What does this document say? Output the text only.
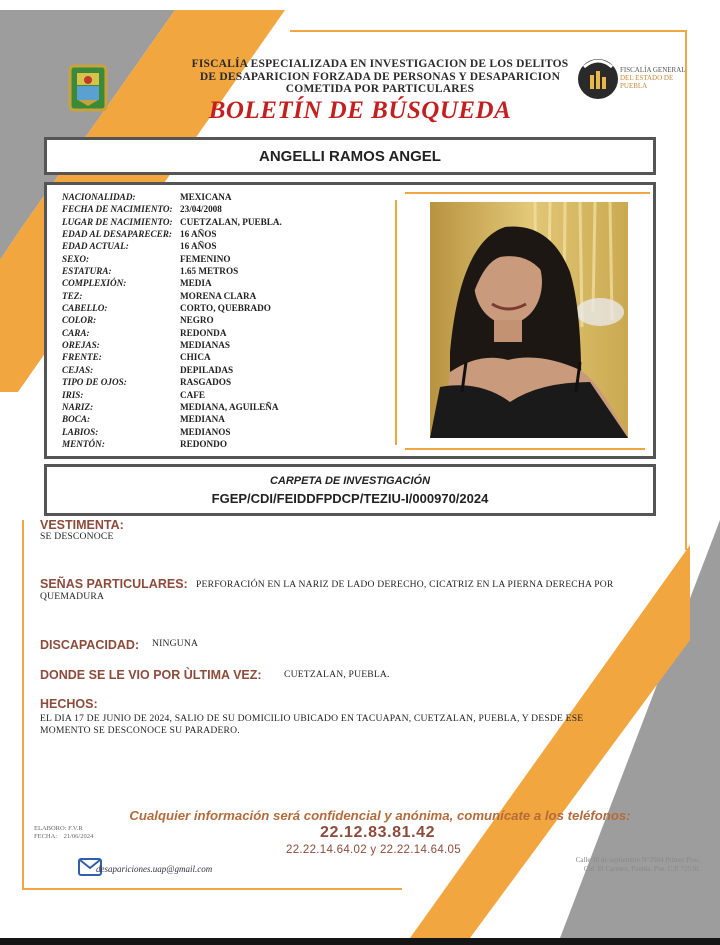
FISCALÍA GENERAL
DEL ESTADO DE
PUEBLA
FISCALÍA ESPECIALIZADA EN INVESTIGACION DE LOS DELITOS
DE DESAPARICION FORZADA DE PERSONAS Y DESAPARICION
COMETIDA POR PARTICULARES
BOLETÍN DE BÚSQUEDA
ANGELLI RAMOS ANGEL
NACIONALIDAD:	MEXICANA
FECHA DE NACIMIENTO: 23/04/2008
LUGAR DE NACIMIENTO: CUETZALAN, PUEBLA.
EDAD AL DESAPARECER: 16 AÑOS
EDAD ACTUAL:	16 AÑOS
SEXO:	FEMENINO
ESTATURA:	1.65 METROS
COMPLEXIÓN:	MEDIA
TEZ:	MORENA CLARA
CABELLO:	CORTO, QUEBRADO
COLOR:	NEGRO
CARA:	REDONDA
OREJAS:	MEDIANAS
FRENTE:	CHICA
CEJAS:	DEPILADAS
TIPO DE OJOS:	RASGADOS
IRIS:	CAFE
NARIZ:	MEDIANA, AGUILEÑA
BOCA:	MEDIANA
LABIOS:	MEDIANOS
MENTÓN:	REDONDO
CARPETA DE INVESTIGACIÓN
FGEP/CDI/FEIDDFPDCP/TEZIU-I/000970/2024
VESTIMENTA:
SE DESCONOCE
SEÑAS PARTICULARES: PERFORACIÓN EN LA NARIZ DE LADO DERECHO, CICATRIZ EN LA PIERNA DERECHA POR
QUEMADURA
DISCAPACIDAD: NINGUNA
DONDE SE LE VIO POR ÙLTIMA VEZ: CUETZALAN, PUEBLA.
HECHOS:
EL DIA 17 DE JUNIO DE 2024, SALIO DE SU DOMICILIO UBICADO EN TACUAPAN, CUETZALAN, PUEBLA, Y DESDE ESE
MOMENTO SE DESCONOCE SU PARADERO.
Cualquier información será confidencial y anónima, comunícate a los teléfonos:
22.12.83.81.42
22.22.14.64.02 y 22.22.14.64.05
ELABORO: F.V.R
FECHA: 21/06/2024
desapariciones.uap@gmail.com
Calle 16 de septiembre N°2904 Primer Piso,
Col. El Carmen, Puebla, Pue. C.P. 72530.
